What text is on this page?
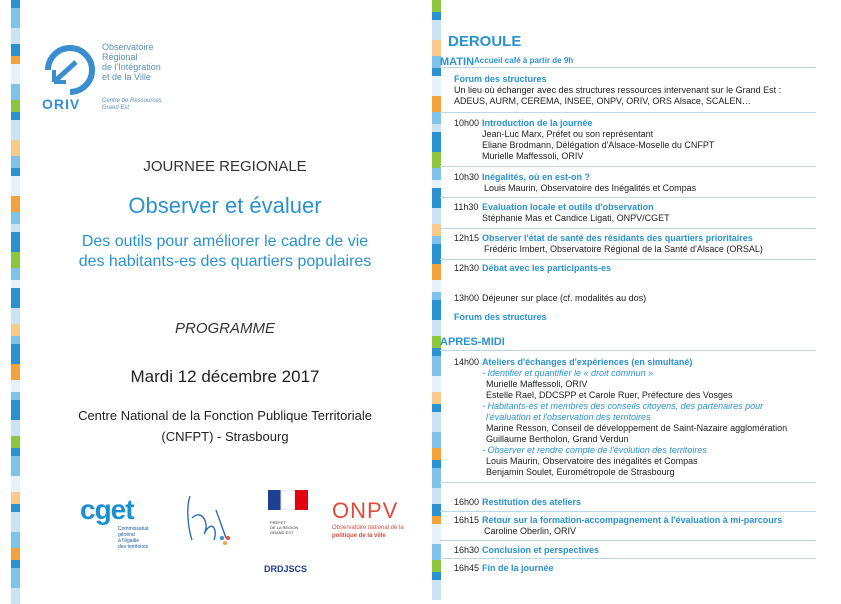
Observatoire
Régional
de l'Intégration
et de la Ville
ORIV	Centre de Ressources
Grand Est
JOURNEE REGIONALE
Observer et évaluer
Des outils pour améliorer le cadre de vie
des habitants-es des quartiers populaires
PROGRAMME
Mardi 12 décembre 2017
Centre National de la Fonction Publique Territoriale
(CNFPT) - Strasbourg
cget
Commissariat
général
à l'égalité
des territoires
PRÉFET
DE LA RÉGION
GRAND EST
DRDJSCS
ONPV
Observatoire national de la
politique de la ville
DEROULE
MATIN Accueil café à partir de 9h
Forum des structures
Un lieu où échanger avec des structures ressources intervenant sur le Grand Est :
ADEUS, AURM, CEREMA, INSEE, ONPV, ORIV, ORS Alsace, SCALEN…
10h00 Introduction de la journée
Jean-Luc Marx, Préfet ou son représentant
Eliane Brodmann, Délégation d'Alsace-Moselle du CNFPT
Murielle Maffessoli, ORIV
10h30 Inégalités, où en est-on ?
Louis Maurin, Observatoire des Inégalités et Compas
11h30 Evaluation locale et outils d'observation
Stéphanie Mas et Candice Ligati, ONPV/CGET
12h15 Observer l'état de santé des résidants des quartiers prioritaires
Frédéric Imbert, Observatoire Régional de la Santé d'Alsace (ORSAL)
12h30 Débat avec les participants-es
13h00 Déjeuner sur place (cf. modalités au dos)
Forum des structures
APRES-MIDI
14h00 Ateliers d'échanges d'expériences (en simultané)
- Identifier et quantifier le « droit commun »
Murielle Maffessoli, ORIV
Estelle Rael, DDCSPP et Carole Ruer, Préfecture des Vosges
- Habitants-es et membres des conseils citoyens, des partenaires pour
l'évaluation et l'observation des territoires
Marine Resson, Conseil de développement de Saint-Nazaire agglomération
Guillaume Bertholon, Grand Verdun
- Observer et rendre compte de l'évolution des territoires
Louis Maurin, Observatoire des inégalités et Compas
Benjamin Soulet, Eurométropole de Strasbourg
16h00 Restitution des ateliers
16h15 Retour sur la formation-accompagnement à l'évaluation à mi-parcours
Caroline Oberlin, ORIV
16h30 Conclusion et perspectives
16h45 Fin de la journée
